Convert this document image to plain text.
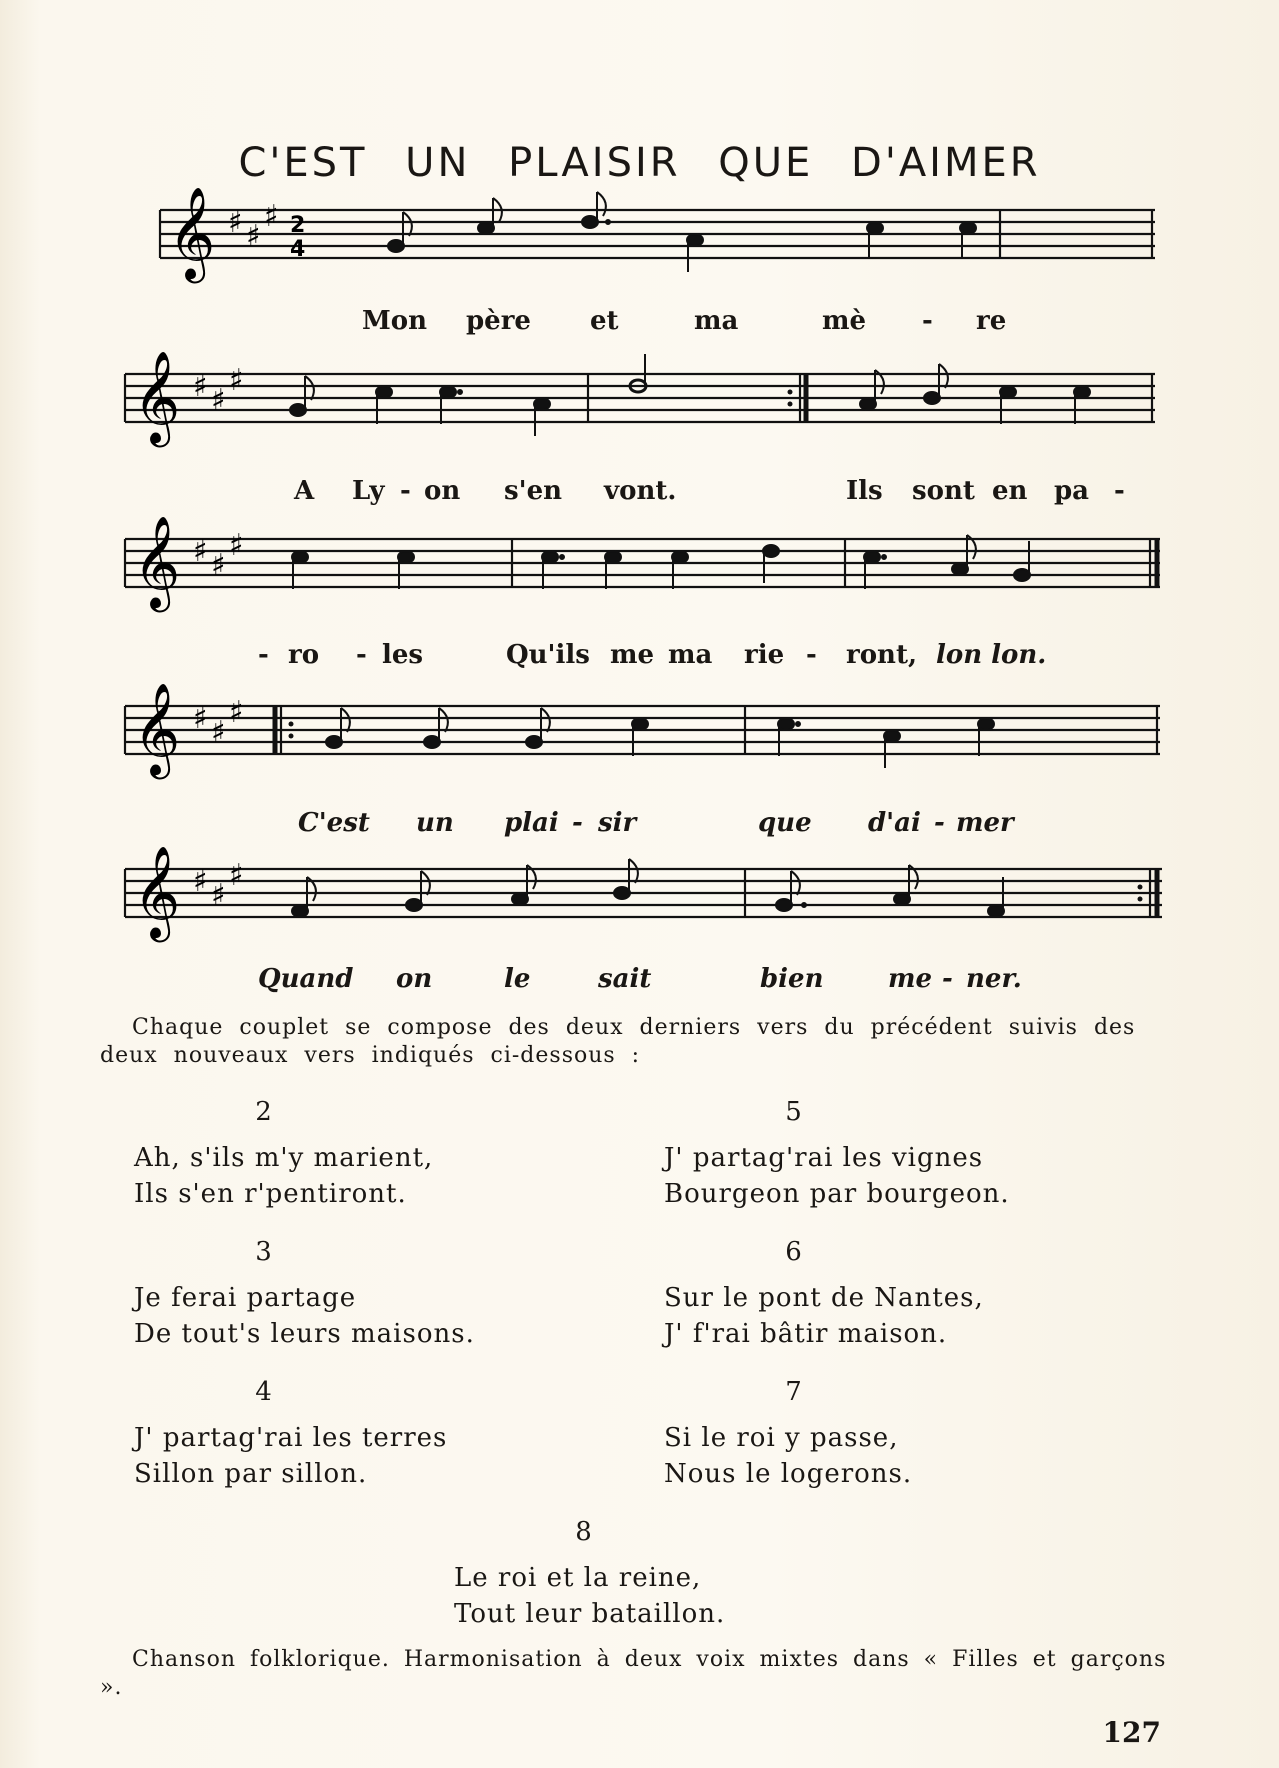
C'EST UN PLAISIR QUE D'AIMER
𝄞 ♯ ♯
♯ 2
4
Mon père et	ma	mè - re
𝄞 ♯ ♯
♯
A Ly - on s'en vont.	Ils sont en pa -
𝄞 ♯ ♯
♯
- ro - les	Qu'ils me ma rie - ront, lon lon.
𝄞 ♯ ♯
♯
C'est un plai - sir	que d'ai - mer
𝄞 ♯ ♯
♯
Quand on	le	sait	bien me - ner.
Chaque couplet se compose des deux derniers vers du précédent suivis des deux nouveaux vers indiqués ci-dessous :
2
Ah, s'ils m'y marient,
Ils s'en r'pentiront.
3
Je ferai partage
De tout's leurs maisons.
4
J' partag'rai les terres
Sillon par sillon.
5
J' partag'rai les vignes
Bourgeon par bourgeon.
6
Sur le pont de Nantes,
J' f'rai bâtir maison.
7
Si le roi y passe,
Nous le logerons.
8
Le roi et la reine,
Tout leur bataillon.
Chanson folklorique. Harmonisation à deux voix mixtes dans « Filles et garçons ».
127
